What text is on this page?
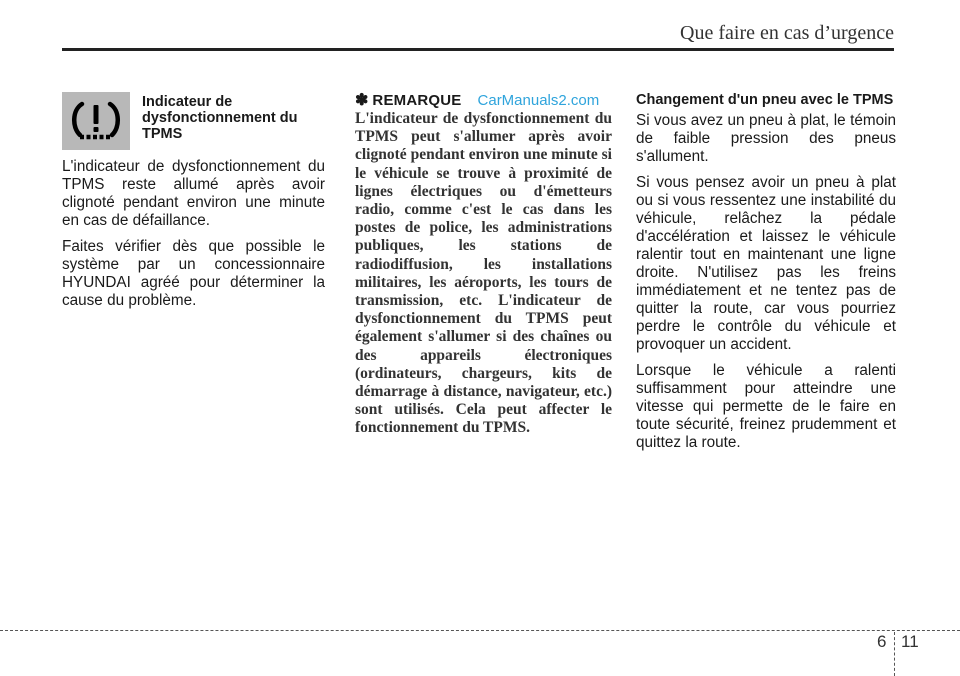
Que faire en cas d’urgence
Indicateur de dysfonctionnement du TPMS

L'indicateur de dysfonctionnement du TPMS reste allumé après avoir clignoté pendant environ une minute en cas de défaillance.

Faites vérifier dès que possible le système par un concessionnaire HYUNDAI agréé pour déterminer la cause du problème.

✽ REMARQUE CarManuals2.com

L'indicateur de dysfonctionnement du TPMS peut s'allumer après avoir clignoté pendant environ une minute si le véhicule se trouve à proximité de lignes électriques ou d'émetteurs radio, comme c'est le cas dans les postes de police, les administrations publiques, les stations de radiodiffusion, les installations militaires, les aéroports, les tours de transmission, etc. L'indicateur de dysfonctionnement du TPMS peut également s'allumer si des chaînes ou des appareils électroniques (ordinateurs, chargeurs, kits de démarrage à distance, navigateur, etc.) sont utilisés. Cela peut affecter le fonctionnement du TPMS.

Changement d'un pneu avec le TPMS

Si vous avez un pneu à plat, le témoin de faible pression des pneus s'allument.

Si vous pensez avoir un pneu à plat ou si vous ressentez une instabilité du véhicule, relâchez la pédale d'accélération et laissez le véhicule ralentir tout en maintenant une ligne droite. N'utilisez pas les freins immédiatement et ne tentez pas de quitter la route, car vous pourriez perdre le contrôle du véhicule et provoquer un accident.

Lorsque le véhicule a ralenti suffisamment pour atteindre une vitesse qui permette de le faire en toute sécurité, freinez prudemment et quittez la route.

6 11
